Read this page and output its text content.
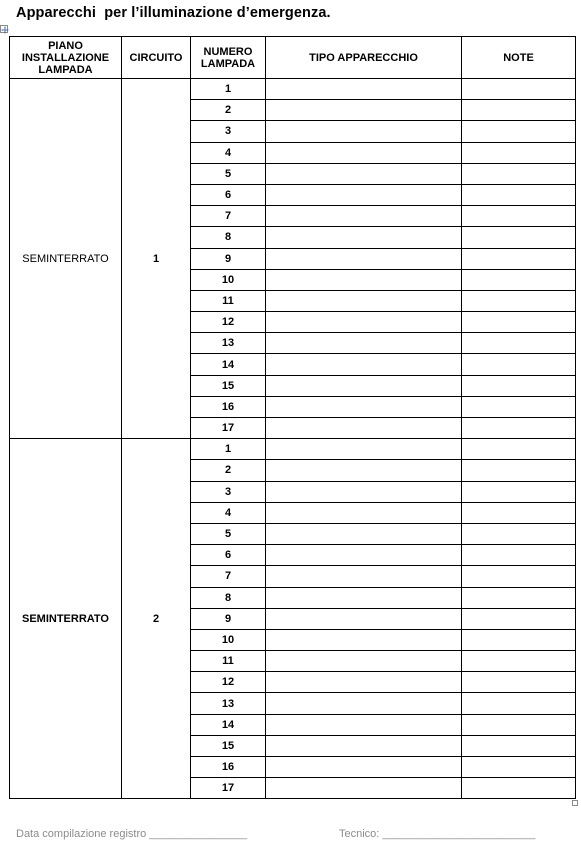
Apparecchi  per l’illuminazione d’emergenza.
PIANO INSTALLAZIONE LAMPADA	CIRCUITO	NUMERO LAMPADA	TIPO APPARECCHIO	NOTE
SEMINTERRATO	1	1		
		2		
		3		
		4		
		5		
		6		
		7		
		8		
		9		
		10		
		11		
		12		
		13		
		14		
		15		
		16		
		17		
SEMINTERRATO	2	1		
		2		
		3		
		4		
		5		
		6		
		7		
		8		
		9		
		10		
		11		
		12		
		13		
		14		
		15		
		16		
		17		
Data compilazione registro ________________	Tecnico: _________________________
